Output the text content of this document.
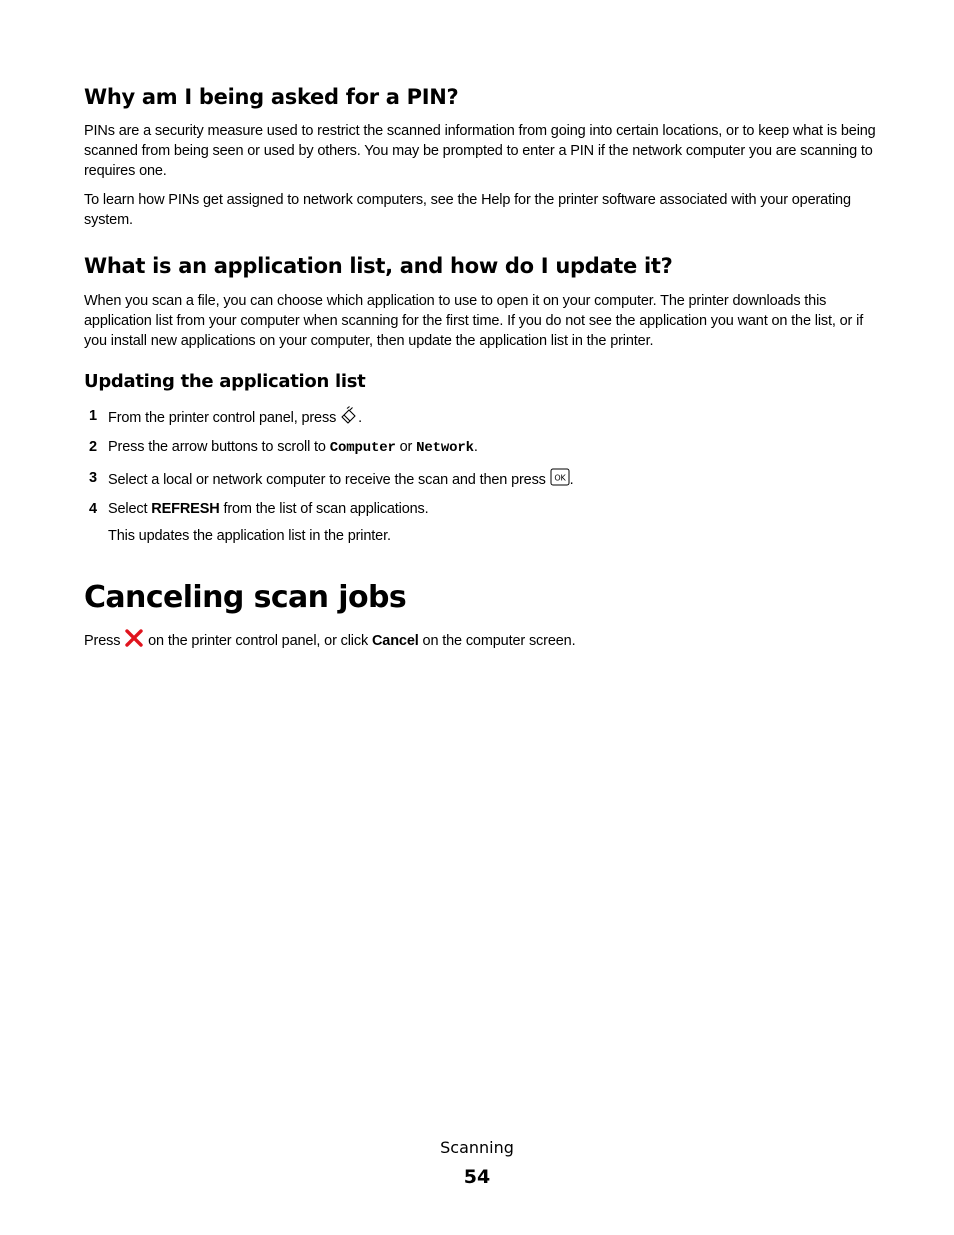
Why am I being asked for a PIN?

PINs are a security measure used to restrict the scanned information from going into certain locations, or to keep what is being scanned from being seen or used by others. You may be prompted to enter a PIN if the network computer you are scanning to requires one.

To learn how PINs get assigned to network computers, see the Help for the printer software associated with your operating system.

What is an application list, and how do I update it?

When you scan a file, you can choose which application to use to open it on your computer. The printer downloads this application list from your computer when scanning for the first time. If you do not see the application you want on the list, or if you install new applications on your computer, then update the application list in the printer.

Updating the application list
1 From the printer control panel, press .
2 Press the arrow buttons to scroll to Computer or Network.
3 Select a local or network computer to receive the scan and then press OK .
4 Select REFRESH from the list of scan applications.
This updates the application list in the printer.
Canceling scan jobs
Press on the printer control panel, or click Cancel on the computer screen.
Scanning
54
